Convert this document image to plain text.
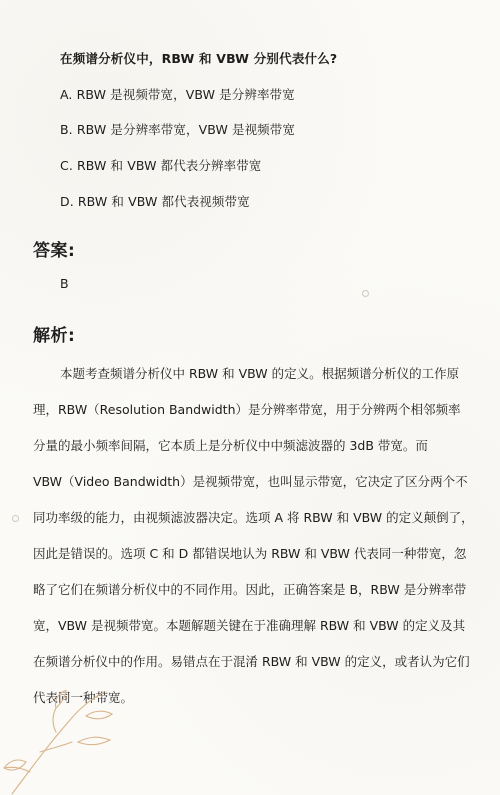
在频谱分析仪中，RBW 和 VBW 分别代表什么?
A. RBW 是视频带宽，VBW 是分辨率带宽
B. RBW 是分辨率带宽，VBW 是视频带宽
C. RBW 和 VBW 都代表分辨率带宽
D. RBW 和 VBW 都代表视频带宽
答案:
B
解析:
本题考查频谱分析仪中 RBW 和 VBW 的定义。根据频谱分析仪的工作原
理，RBW（Resolution Bandwidth）是分辨率带宽，用于分辨两个相邻频率
分量的最小频率间隔，它本质上是分析仪中中频滤波器的 3dB 带宽。而
VBW（Video Bandwidth）是视频带宽，也叫显示带宽，它决定了区分两个不
同功率级的能力，由视频滤波器决定。选项 A 将 RBW 和 VBW 的定义颠倒了，
因此是错误的。选项 C 和 D 都错误地认为 RBW 和 VBW 代表同一种带宽，忽
略了它们在频谱分析仪中的不同作用。因此，正确答案是 B，RBW 是分辨率带
宽，VBW 是视频带宽。本题解题关键在于准确理解 RBW 和 VBW 的定义及其
在频谱分析仪中的作用。易错点在于混淆 RBW 和 VBW 的定义，或者认为它们
代表同一种带宽。
